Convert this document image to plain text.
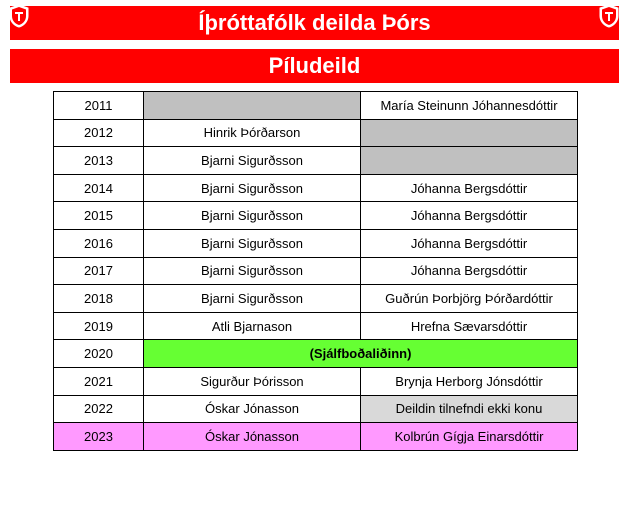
Íþróttafólk deilda Þórs
Píludeild
2011		María Steinunn Jóhannesdóttir
2012	Hinrik Þórðarson	
2013	Bjarni Sigurðsson	
2014	Bjarni Sigurðsson	Jóhanna Bergsdóttir
2015	Bjarni Sigurðsson	Jóhanna Bergsdóttir
2016	Bjarni Sigurðsson	Jóhanna Bergsdóttir
2017	Bjarni Sigurðsson	Jóhanna Bergsdóttir
2018	Bjarni Sigurðsson	Guðrún Þorbjörg Þórðardóttir
2019	Atli Bjarnason	Hrefna Sævarsdóttir
2020	(Sjálfboðaliðinn)	
2021	Sigurður Þórisson	Brynja Herborg Jónsdóttir
2022	Óskar Jónasson	Deildin tilnefndi ekki konu
2023	Óskar Jónasson	Kolbrún Gígja Einarsdóttir
